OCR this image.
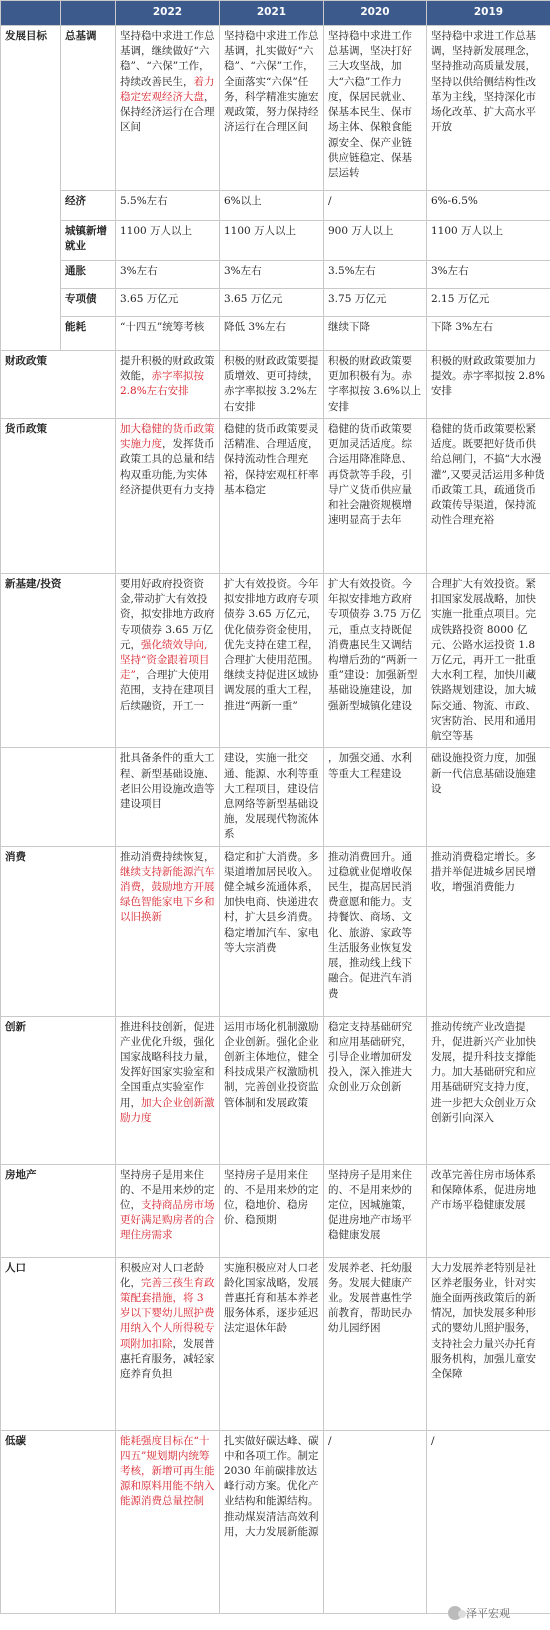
		2022	2021	2020	2019
发展目标	总基调	坚持稳中求进工作总基调，继续做好“六稳”、“六保”工作，持续改善民生，着力稳定宏观经济大盘，保持经济运行在合理区间	坚持稳中求进工作总基调，扎实做好“六稳”、“六保”工作，全面落实“六保”任务，科学精准实施宏观政策，努力保持经济运行在合理区间	坚持稳中求进工作总基调，坚决打好三大攻坚战，加大“六稳”工作力度，保居民就业、保基本民生、保市场主体、保粮食能源安全、保产业链供应链稳定、保基层运转	坚持稳中求进工作总基调，坚持新发展理念，坚持推动高质量发展，坚持以供给侧结构性改革为主线，坚持深化市场化改革、扩大高水平开放
	经济	5.5%左右	6%以上	/	6%-6.5%
	城镇新增就业	1100 万人以上	1100 万人以上	900 万人以上	1100 万人以上
	通胀	3%左右	3%左右	3.5%左右	3%左右
	专项债	3.65 万亿元	3.65 万亿元	3.75 万亿元	2.15 万亿元
	能耗	“十四五”统筹考核	降低 3%左右	继续下降	下降 3%左右
财政政策		提升积极的财政政策效能，赤字率拟按 2.8%左右安排	积极的财政政策要提质增效、更可持续，赤字率拟按 3.2%左右安排	积极的财政政策要更加积极有为。赤字率拟按 3.6%以上安排	积极的财政政策要加力提效。赤字率拟按 2.8%安排
货币政策		加大稳健的货币政策实施力度，发挥货币政策工具的总量和结构双重功能,为实体经济提供更有力支持	稳健的货币政策要灵活精准、合理适度，保持流动性合理充裕，保持宏观杠杆率基本稳定	稳健的货币政策要更加灵活适度。综合运用降准降息、再贷款等手段，引导广义货币供应量和社会融资规模增速明显高于去年	稳健的货币政策要松紧适度。既要把好货币供给总闸门，不搞“大水漫灌”,又要灵活运用多种货币政策工具，疏通货币政策传导渠道，保持流动性合理充裕
新基建/投资		要用好政府投资资金,带动扩大有效投资，拟安排地方政府专项债券 3.65 万亿元，强化绩效导向,坚持“资金跟着项目走”，合理扩大使用范围，支持在建项目后续融资，开工一	扩大有效投资。今年拟安排地方政府专项债券 3.65 万亿元，优化债券资金使用，优先支持在建工程，合理扩大使用范围。继续支持促进区域协调发展的重大工程，推进“两新一重”	扩大有效投资。今年拟安排地方政府专项债券 3.75 万亿元，重点支持既促消费惠民生又调结构增后劲的“两新一重”建设：加强新型基础设施建设，加强新型城镇化建设	合理扩大有效投资。紧扣国家发展战略，加快实施一批重点项目。完成铁路投资 8000 亿元、公路水运投资 1.8 万亿元，再开工一批重大水利工程，加快川藏铁路规划建设，加大城际交通、物流、市政、灾害防治、民用和通用航空等基
		批具备条件的重大工程、新型基础设施、老旧公用设施改造等建设项目	建设，实施一批交通、能源、水利等重大工程项目，建设信息网络等新型基础设施，发展现代物流体系	，加强交通、水利等重大工程建设	础设施投资力度，加强新一代信息基础设施建设
消费		推动消费持续恢复，继续支持新能源汽车消费，鼓励地方开展绿色智能家电下乡和以旧换新	稳定和扩大消费。多渠道增加居民收入。健全城乡流通体系，加快电商、快递进农村，扩大县乡消费。稳定增加汽车、家电等大宗消费	推动消费回升。通过稳就业促增收保民生，提高居民消费意愿和能力。支持餐饮、商场、文化、旅游、家政等生活服务业恢复发展，推动线上线下融合。促进汽车消费	推动消费稳定增长。多措并举促进城乡居民增收，增强消费能力
创新		推进科技创新，促进产业优化升级，强化国家战略科技力量，发挥好国家实验室和全国重点实验室作用，加大企业创新激励力度	运用市场化机制激励企业创新。强化企业创新主体地位，健全科技成果产权激励机制，完善创业投资监管体制和发展政策	稳定支持基础研究和应用基础研究，引导企业增加研发投入，深入推进大众创业万众创新	推动传统产业改造提升，促进新兴产业加快发展，提升科技支撑能力。加大基础研究和应用基础研究支持力度，进一步把大众创业万众创新引向深入
房地产		坚持房子是用来住的、不是用来炒的定位，支持商品房市场更好满足购房者的合理住房需求	坚持房子是用来住的、不是用来炒的定位，稳地价、稳房价、稳预期	坚持房子是用来住的、不是用来炒的定位，因城施策，促进房地产市场平稳健康发展	改革完善住房市场体系和保障体系，促进房地产市场平稳健康发展
人口		积极应对人口老龄化，完善三孩生育政策配套措施，将 3 岁以下婴幼儿照护费用纳入个人所得税专项附加扣除，发展普惠托育服务，减轻家庭养育负担	实施积极应对人口老龄化国家战略，发展普惠托育和基本养老服务体系，逐步延迟法定退休年龄	发展养老、托幼服务。发展大健康产业。发展普惠性学前教育，帮助民办幼儿园纾困	大力发展养老特别是社区养老服务业，针对实施全面两孩政策后的新情况，加快发展多种形式的婴幼儿照护服务，支持社会力量兴办托育服务机构，加强儿童安全保障
低碳		能耗强度目标在“十四五”规划期内统筹考核，新增可再生能源和原料用能不纳入能源消费总量控制	扎实做好碳达峰、碳中和各项工作。制定 2030 年前碳排放达峰行动方案。优化产业结构和能源结构。推动煤炭清洁高效利用，大力发展新能源	/	/
泽平宏观
